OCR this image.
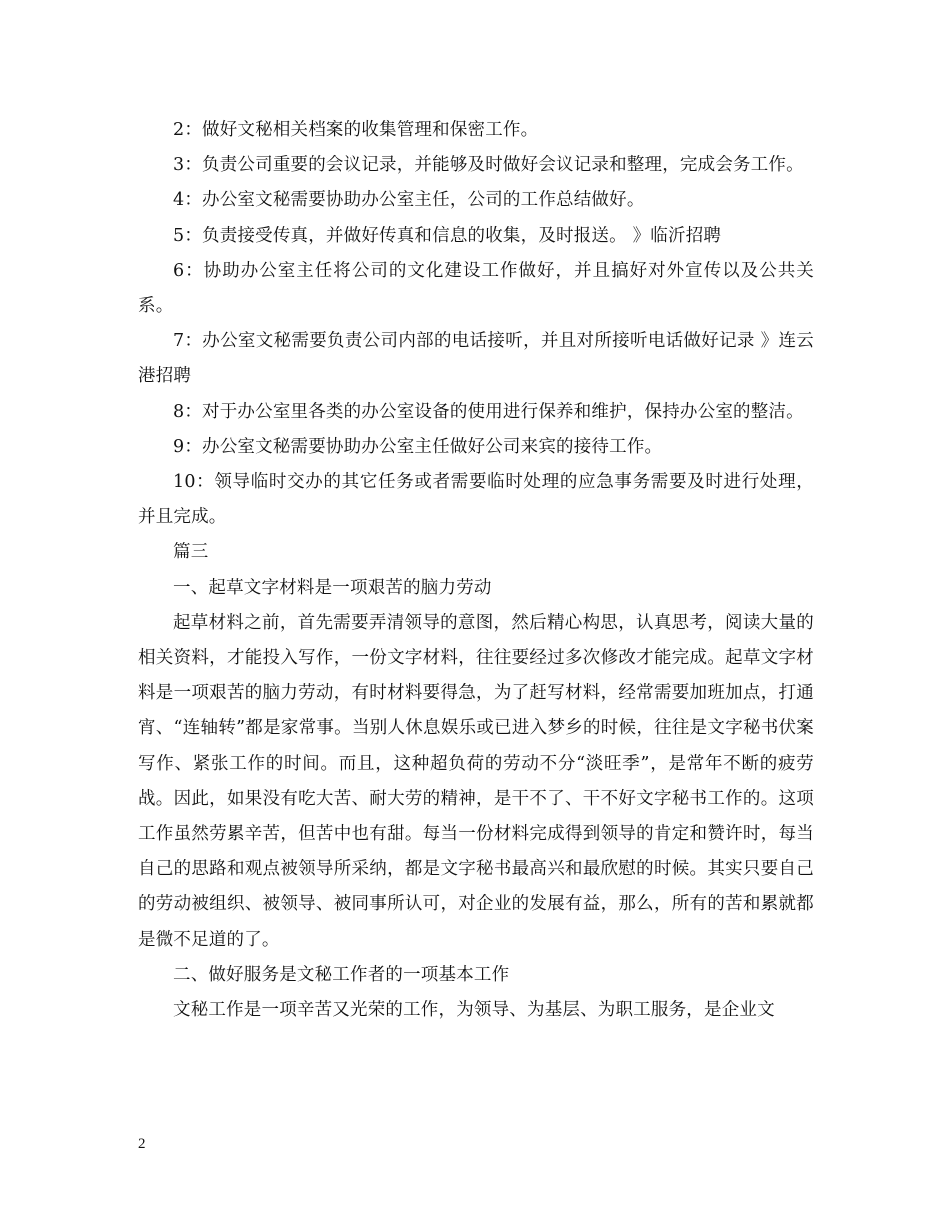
2：做好文秘相关档案的收集管理和保密工作。

3：负责公司重要的会议记录，并能够及时做好会议记录和整理，完成会务工作。

4：办公室文秘需要协助办公室主任，公司的工作总结做好。

5：负责接受传真，并做好传真和信息的收集，及时报送。 》临沂招聘

6：协助办公室主任将公司的文化建设工作做好，并且搞好对外宣传以及公共关系。

7：办公室文秘需要负责公司内部的电话接听，并且对所接听电话做好记录 》连云港招聘

8：对于办公室里各类的办公室设备的使用进行保养和维护，保持办公室的整洁。

9：办公室文秘需要协助办公室主任做好公司来宾的接待工作。

10：领导临时交办的其它任务或者需要临时处理的应急事务需要及时进行处理，并且完成。

篇三

一、起草文字材料是一项艰苦的脑力劳动

起草材料之前，首先需要弄清领导的意图，然后精心构思，认真思考，阅读大量的相关资料，才能投入写作，一份文字材料，往往要经过多次修改才能完成。起草文字材料是一项艰苦的脑力劳动，有时材料要得急，为了赶写材料，经常需要加班加点，打通宵、“连轴转”都是家常事。当别人休息娱乐或已进入梦乡的时候，往往是文字秘书伏案写作、紧张工作的时间。而且，这种超负荷的劳动不分“淡旺季”，是常年不断的疲劳战。因此，如果没有吃大苦、耐大劳的精神，是干不了、干不好文字秘书工作的。这项工作虽然劳累辛苦，但苦中也有甜。每当一份材料完成得到领导的肯定和赞许时，每当自己的思路和观点被领导所采纳，都是文字秘书最高兴和最欣慰的时候。其实只要自己的劳动被组织、被领导、被同事所认可，对企业的发展有益，那么，所有的苦和累就都是微不足道的了。

二、做好服务是文秘工作者的一项基本工作

文秘工作是一项辛苦又光荣的工作，为领导、为基层、为职工服务，是企业文

2
